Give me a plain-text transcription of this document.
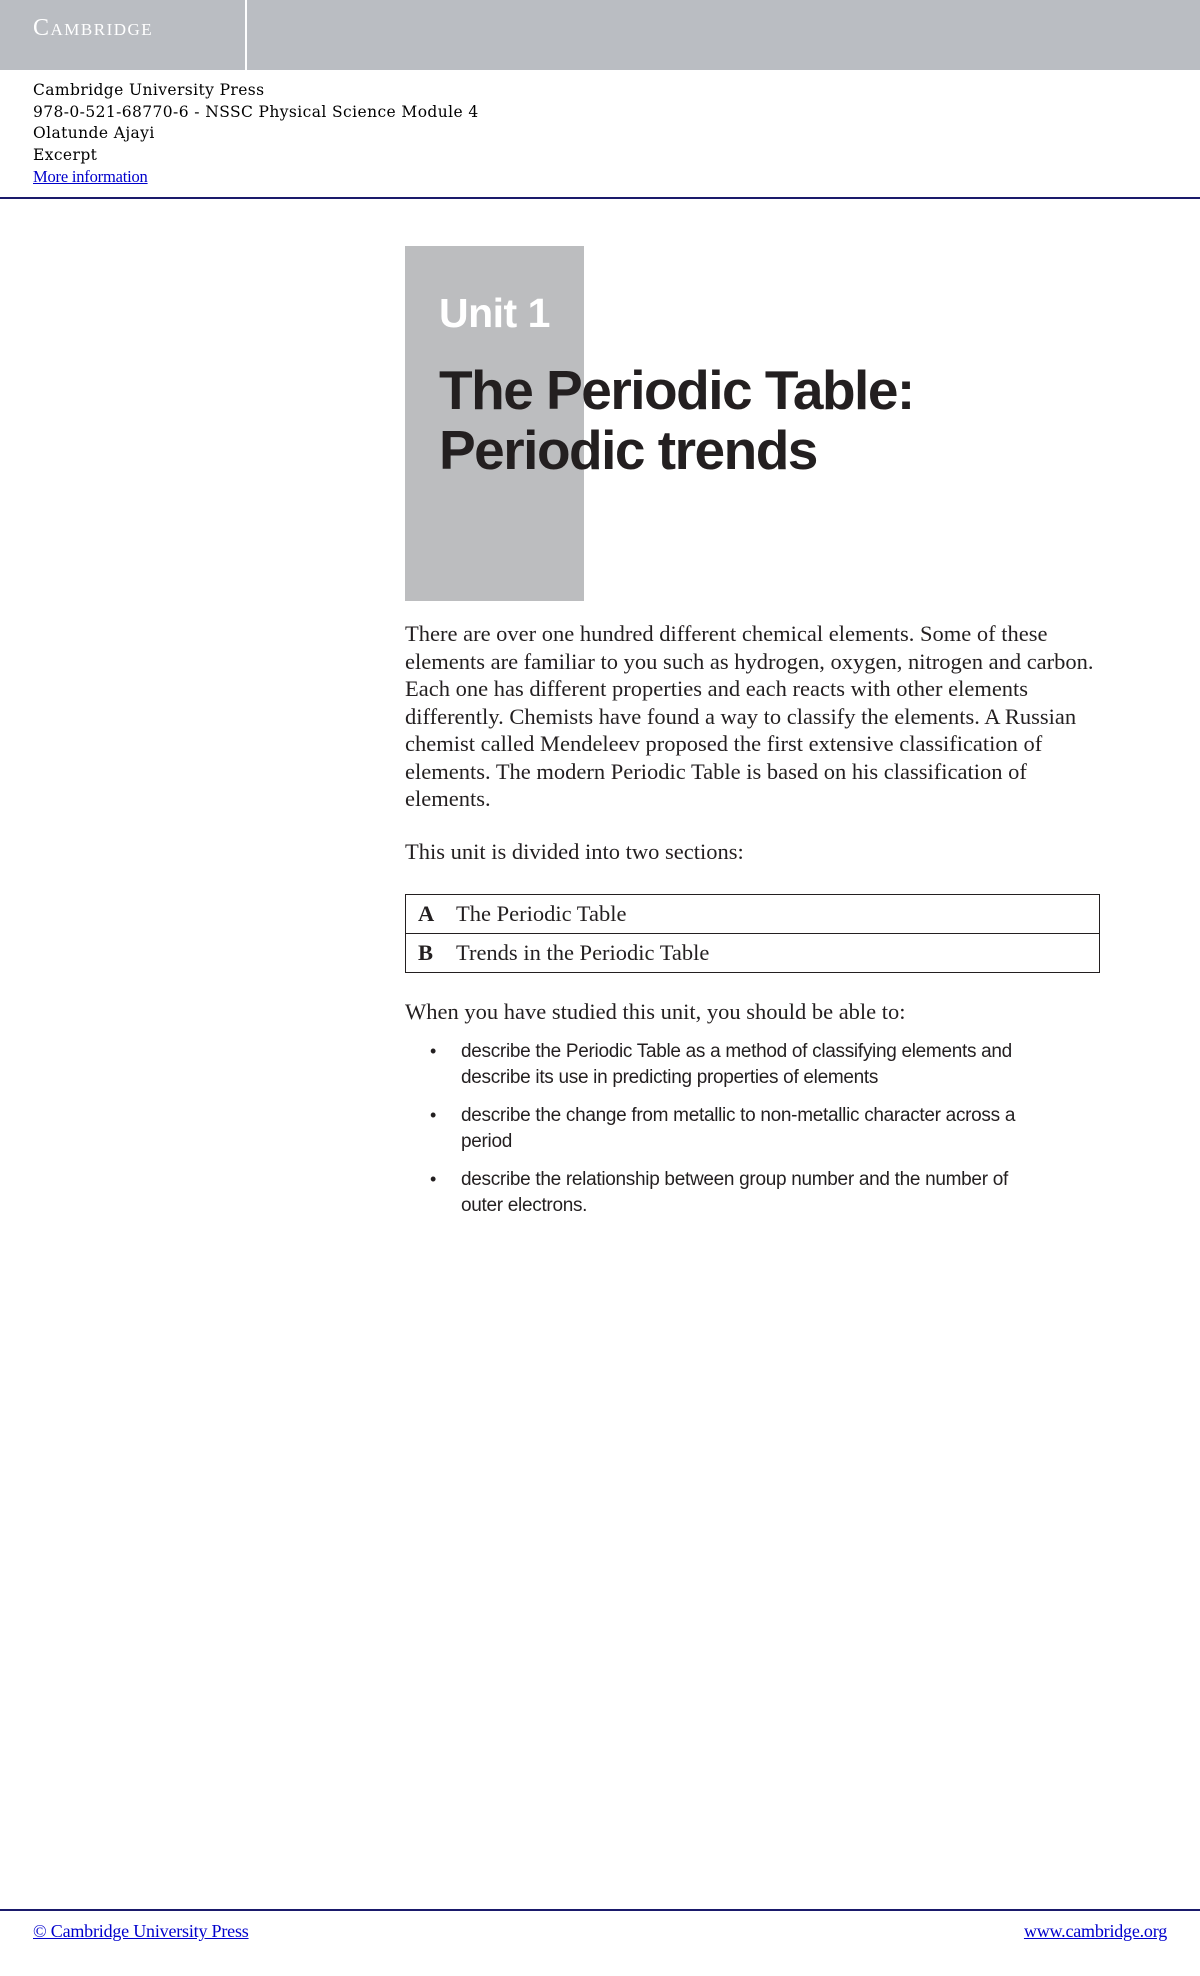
Cambridge
Cambridge University Press
978-0-521-68770-6 - NSSC Physical Science Module 4
Olatunde Ajayi
Excerpt
More information
Unit 1
The Periodic Table:
Periodic trends

There are over one hundred different chemical elements. Some of these elements are familiar to you such as hydrogen, oxygen, nitrogen and carbon. Each one has different properties and each reacts with other elements differently. Chemists have found a way to classify the elements. A Russian chemist called Mendeleev proposed the first extensive classification of elements. The modern Periodic Table is based on his classification of elements.

This unit is divided into two sections:

A The Periodic Table

B	Trends in the Periodic Table

When you have studied this unit, you should be able to:

• describe the Periodic Table as a method of classifying elements and describe its use in predicting properties of elements
• describe the change from metallic to non-metallic character across a period
• describe the relationship between group number and the number of outer electrons.
© Cambridge University Press	www.cambridge.org
